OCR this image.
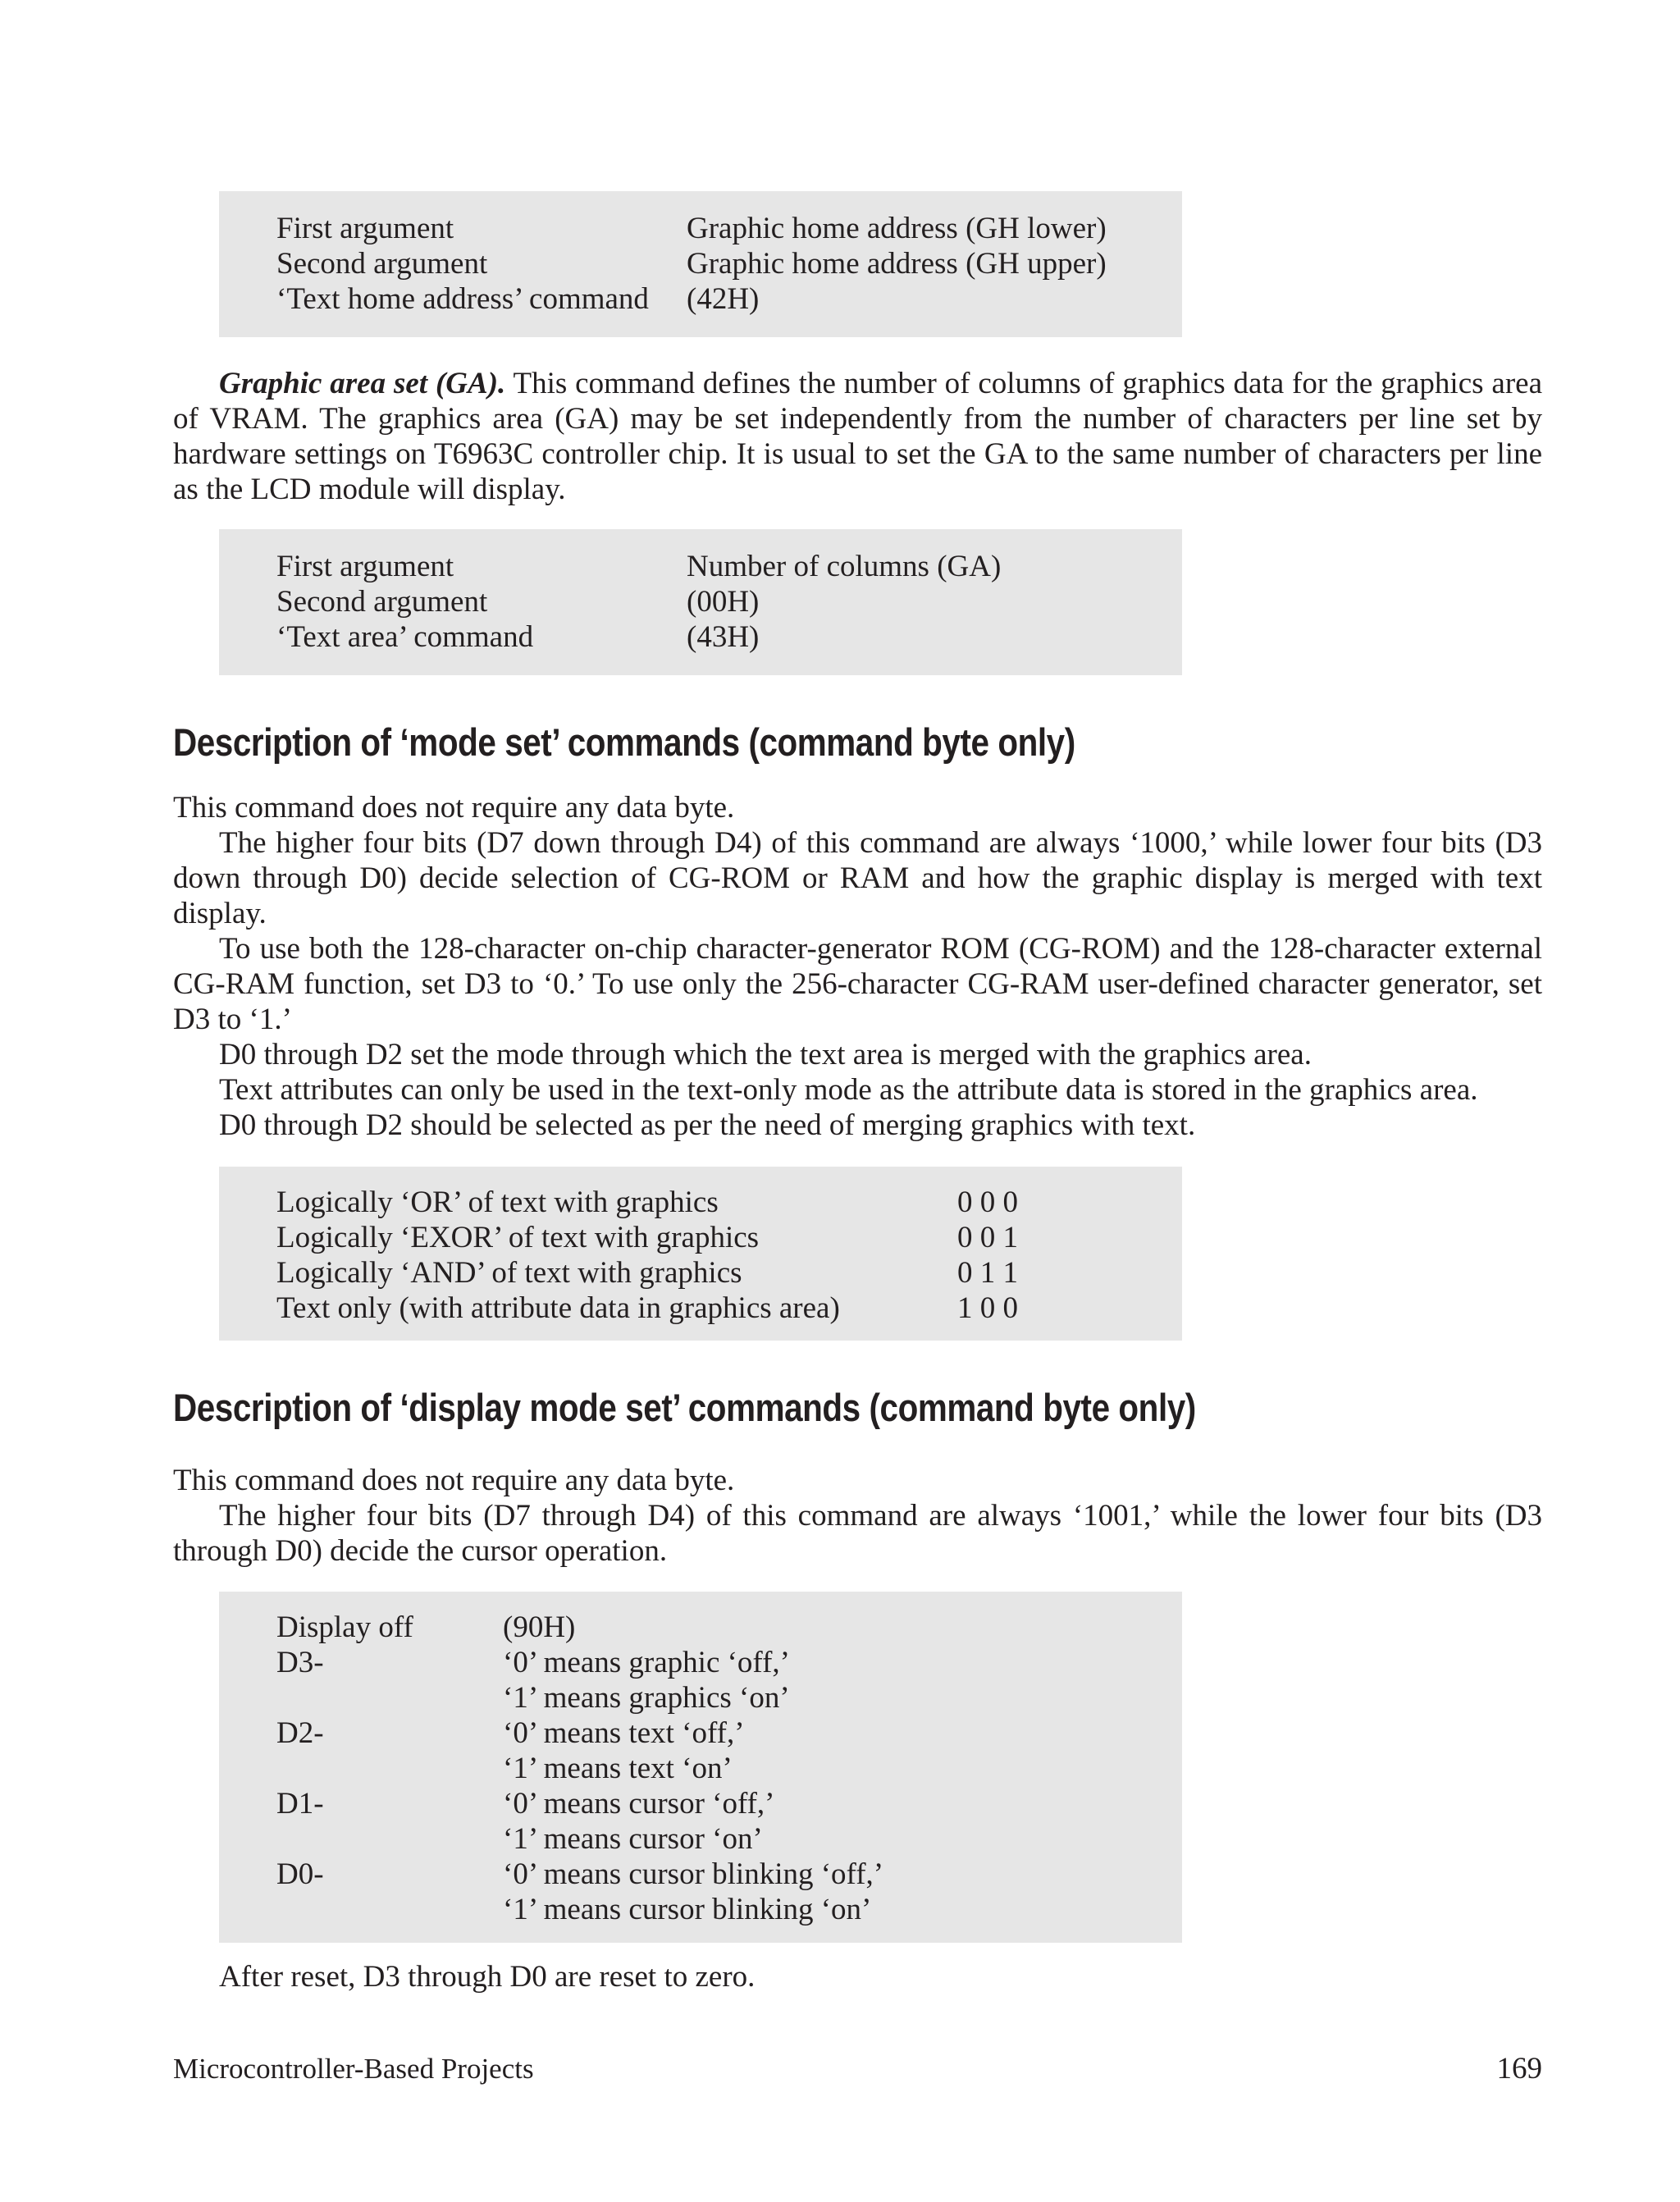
First argument	Graphic home address (GH lower)
Second argument	Graphic home address (GH upper)
‘Text home address’ command (42H)

Graphic area set (GA). This command defines the number of columns of graphics data for the graphics area of VRAM. The graphics area (GA) may be set independently from the number of characters per line set by hardware settings on T6963C controller chip. It is usual to set the GA to the same number of characters per line as the LCD module will display.

First argument	Number of columns (GA)
Second argument	(00H)
‘Text area’ command	(43H)
Description of ‘mode set’ commands (command byte only)

This command does not require any data byte.

The higher four bits (D7 down through D4) of this command are always ‘1000,’ while lower four bits (D3 down through D0) decide selection of CG-ROM or RAM and how the graphic display is merged with text display.

To use both the 128-character on-chip character-generator ROM (CG-ROM) and the 128-character external CG-RAM function, set D3 to ‘0.’ To use only the 256-character CG-RAM user-defined character generator, set D3 to ‘1.’

D0 through D2 set the mode through which the text area is merged with the graphics area.

Text attributes can only be used in the text-only mode as the attribute data is stored in the graphics area.

D0 through D2 should be selected as per the need of merging graphics with text.

Logically ‘OR’ of text with graphics	0 0 0
Logically ‘EXOR’ of text with graphics	0 0 1
Logically ‘AND’ of text with graphics	0 1 1
Text only (with attribute data in graphics area)	1 0 0
Description of ‘display mode set’ commands (command byte only)

This command does not require any data byte.

The higher four bits (D7 through D4) of this command are always ‘1001,’ while the lower four bits (D3 through D0) decide the cursor operation.

Display off	(90H)
D3-	‘0’ means graphic ‘off,’
‘1’ means graphics ‘on’
D2-	‘0’ means text ‘off,’
‘1’ means text ‘on’
D1-	‘0’ means cursor ‘off,’
‘1’ means cursor ‘on’
D0-	‘0’ means cursor blinking ‘off,’
‘1’ means cursor blinking ‘on’

After reset, D3 through D0 are reset to zero.

Microcontroller-Based Projects	169
